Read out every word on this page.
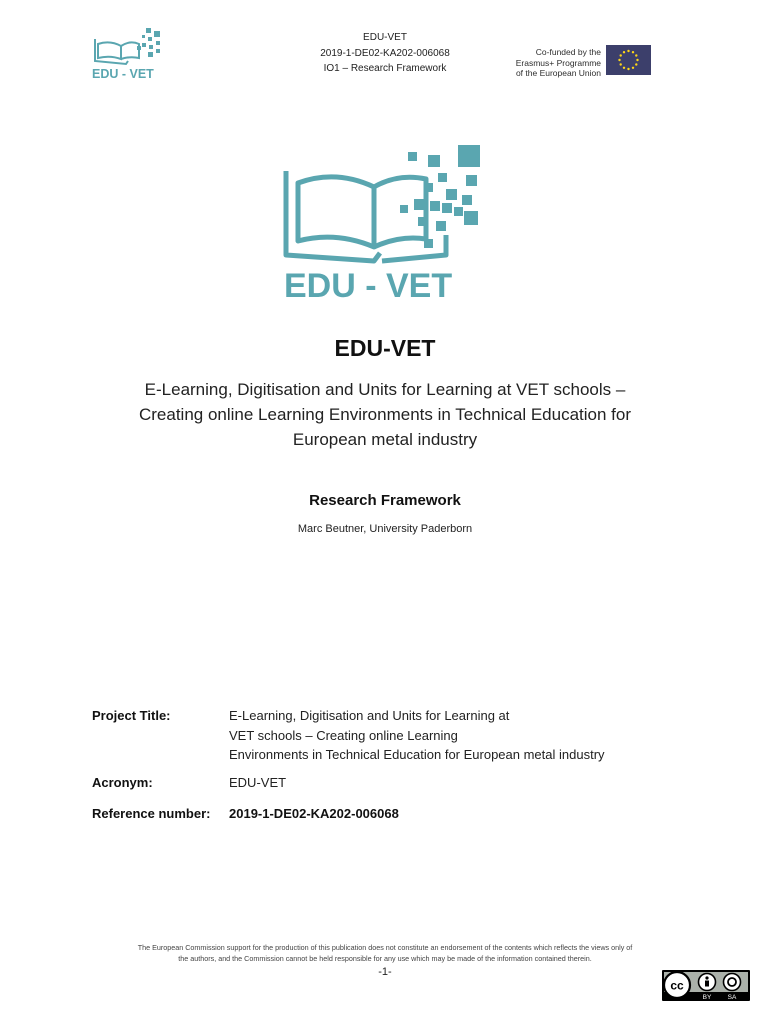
EDU - VET
EDU-VET
2019-1-DE02-KA202-006068
IO1 – Research Framework
Co-funded by the
Erasmus+ Programme
of the European Union
EDU - VET
EDU-VET
E-Learning, Digitisation and Units for Learning at VET schools –
Creating online Learning Environments in Technical Education for
European metal industry
Research Framework
Marc Beutner, University Paderborn
Project Title:	E-Learning, Digitisation and Units for Learning at
VET schools – Creating online Learning
Environments in Technical Education for European metal industry
Acronym:	EDU-VET
Reference number: 2019-1-DE02-KA202-006068
The European Commission support for the production of this publication does not constitute an endorsement of the contents which reflects the views only of
the authors, and the Commission cannot be held responsible for any use which may be made of the information contained therein.
-1-
cc
BY	SA
